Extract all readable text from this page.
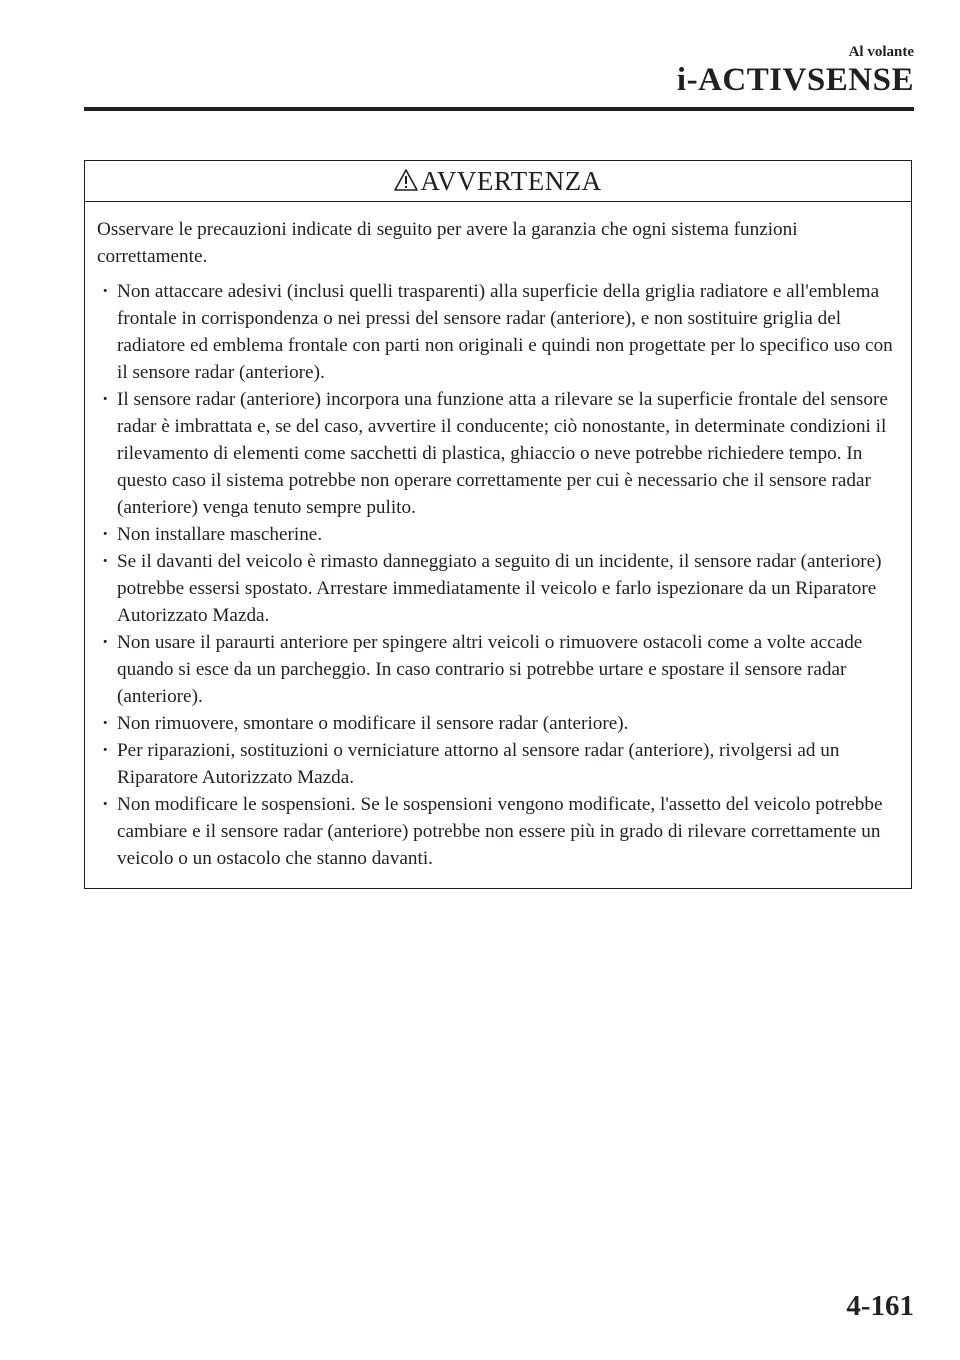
Al volante
i-ACTIVSENSE
AVVERTENZA

Osservare le precauzioni indicate di seguito per avere la garanzia che ogni sistema funzioni correttamente.

· Non attaccare adesivi (inclusi quelli trasparenti) alla superficie della griglia radiatore e all'emblema frontale in corrispondenza o nei pressi del sensore radar (anteriore), e non sostituire griglia del radiatore ed emblema frontale con parti non originali e quindi non progettate per lo specifico uso con il sensore radar (anteriore).
· Il sensore radar (anteriore) incorpora una funzione atta a rilevare se la superficie frontale del sensore radar è imbrattata e, se del caso, avvertire il conducente; ciò nonostante, in determinate condizioni il rilevamento di elementi come sacchetti di plastica, ghiaccio o neve potrebbe richiedere tempo. In questo caso il sistema potrebbe non operare correttamente per cui è necessario che il sensore radar (anteriore) venga tenuto sempre pulito.
· Non installare mascherine.
· Se il davanti del veicolo è rimasto danneggiato a seguito di un incidente, il sensore radar (anteriore) potrebbe essersi spostato. Arrestare immediatamente il veicolo e farlo ispezionare da un Riparatore Autorizzato Mazda.
· Non usare il paraurti anteriore per spingere altri veicoli o rimuovere ostacoli come a volte accade quando si esce da un parcheggio. In caso contrario si potrebbe urtare e spostare il sensore radar (anteriore).
· Non rimuovere, smontare o modificare il sensore radar (anteriore).
· Per riparazioni, sostituzioni o verniciature attorno al sensore radar (anteriore), rivolgersi ad un Riparatore Autorizzato Mazda.
· Non modificare le sospensioni. Se le sospensioni vengono modificate, l'assetto del veicolo potrebbe cambiare e il sensore radar (anteriore) potrebbe non essere più in grado di rilevare correttamente un veicolo o un ostacolo che stanno davanti.
4-161
